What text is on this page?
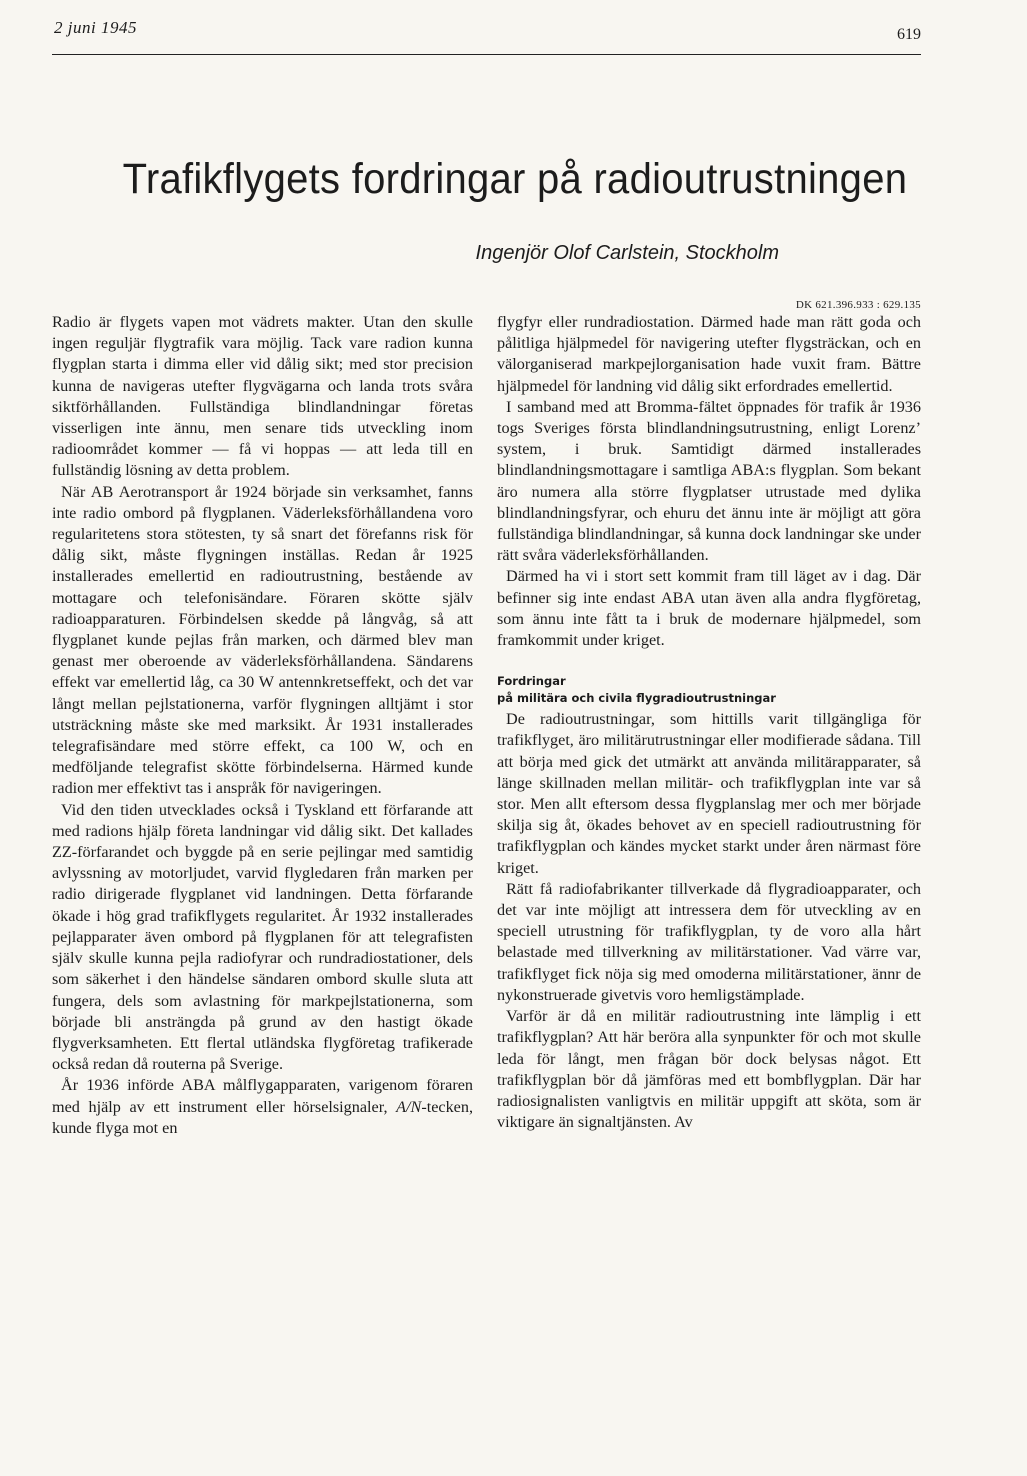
2 juni 1945	619
Trafikflygets fordringar på radioutrustningen
Ingenjör Olof Carlstein, Stockholm
DK 621.396.933 : 629.135

Radio är flygets vapen mot vädrets makter. Utan den skulle ingen reguljär flygtrafik vara möjlig. Tack vare radion kunna flygplan starta i dimma eller vid dålig sikt; med stor precision kunna de navigeras utefter flygvägarna och landa trots svåra siktförhållanden. Fullständiga blindlandningar företas visserligen inte ännu, men senare tids utveckling inom radioområdet kommer — få vi hoppas — att leda till en fullständig lösning av detta problem.

När AB Aerotransport år 1924 började sin verksamhet, fanns inte radio ombord på flygplanen. Väderleksförhållandena voro regularitetens stora stötesten, ty så snart det förefanns risk för dålig sikt, måste flygningen inställas. Redan år 1925 installerades emellertid en radioutrustning, bestående av mottagare och telefonisändare. Föraren skötte själv radioapparaturen. Förbindelsen skedde på långvåg, så att flygplanet kunde pejlas från marken, och därmed blev man genast mer oberoende av väderleksförhållandena. Sändarens effekt var emellertid låg, ca 30 W antennkretseffekt, och det var långt mellan pejlstationerna, varför flygningen alltjämt i stor utsträckning måste ske med marksikt. År 1931 installerades telegrafisändare med större effekt, ca 100 W, och en medföljande telegrafist skötte förbindelserna. Härmed kunde radion mer effektivt tas i anspråk för navigeringen.

Vid den tiden utvecklades också i Tyskland ett förfarande att med radions hjälp företa landningar vid dålig sikt. Det kallades ZZ-förfarandet och byggde på en serie pejlingar med samtidig avlyssning av motorljudet, varvid flygledaren från marken per radio dirigerade flygplanet vid landningen. Detta förfarande ökade i hög grad trafikflygets regularitet. År 1932 installerades pejlapparater även ombord på flygplanen för att telegrafisten själv skulle kunna pejla radiofyrar och rundradiostationer, dels som säkerhet i den händelse sändaren ombord skulle sluta att fungera, dels som avlastning för markpejlstationerna, som började bli ansträngda på grund av den hastigt ökade flygverksamheten. Ett flertal utländska flygföretag trafikerade också redan då routerna på Sverige.

År 1936 införde ABA målflygapparaten, varigenom föraren med hjälp av ett instrument eller hörselsignaler, A/N-tecken, kunde flyga mot en

flygfyr eller rundradiostation. Därmed hade man rätt goda och pålitliga hjälpmedel för navigering utefter flygsträckan, och en välorganiserad markpejlorganisation hade vuxit fram. Bättre hjälpmedel för landning vid dålig sikt erfordrades emellertid.

I samband med att Bromma-fältet öppnades för trafik år 1936 togs Sveriges första blindlandningsutrustning, enligt Lorenz’ system, i bruk. Samtidigt därmed installerades blindlandningsmottagare i samtliga ABA:s flygplan. Som bekant äro numera alla större flygplatser utrustade med dylika blindlandningsfyrar, och ehuru det ännu inte är möjligt att göra fullständiga blindlandningar, så kunna dock landningar ske under rätt svåra väderleksförhållanden.

Därmed ha vi i stort sett kommit fram till läget av i dag. Där befinner sig inte endast ABA utan även alla andra flygföretag, som ännu inte fått ta i bruk de modernare hjälpmedel, som framkommit under kriget.

Fordringar
på militära och civila flygradioutrustningar

De radioutrustningar, som hittills varit tillgängliga för trafikflyget, äro militärutrustningar eller modifierade sådana. Till att börja med gick det utmärkt att använda militärapparater, så länge skillnaden mellan militär- och trafikflygplan inte var så stor. Men allt eftersom dessa flygplanslag mer och mer började skilja sig åt, ökades behovet av en speciell radioutrustning för trafikflygplan och kändes mycket starkt under åren närmast före kriget.

Rätt få radiofabrikanter tillverkade då flygradioapparater, och det var inte möjligt att intressera dem för utveckling av en speciell utrustning för trafikflygplan, ty de voro alla hårt belastade med tillverkning av militärstationer. Vad värre var, trafikflyget fick nöja sig med omoderna militärstationer, ännr de nykonstruerade givetvis voro hemligstämplade.

Varför är då en militär radioutrustning inte lämplig i ett trafikflygplan? Att här beröra alla synpunkter för och mot skulle leda för långt, men frågan bör dock belysas något. Ett trafikflygplan bör då jämföras med ett bombflygplan. Där har radiosignalisten vanligtvis en militär uppgift att sköta, som är viktigare än signaltjänsten. Av
